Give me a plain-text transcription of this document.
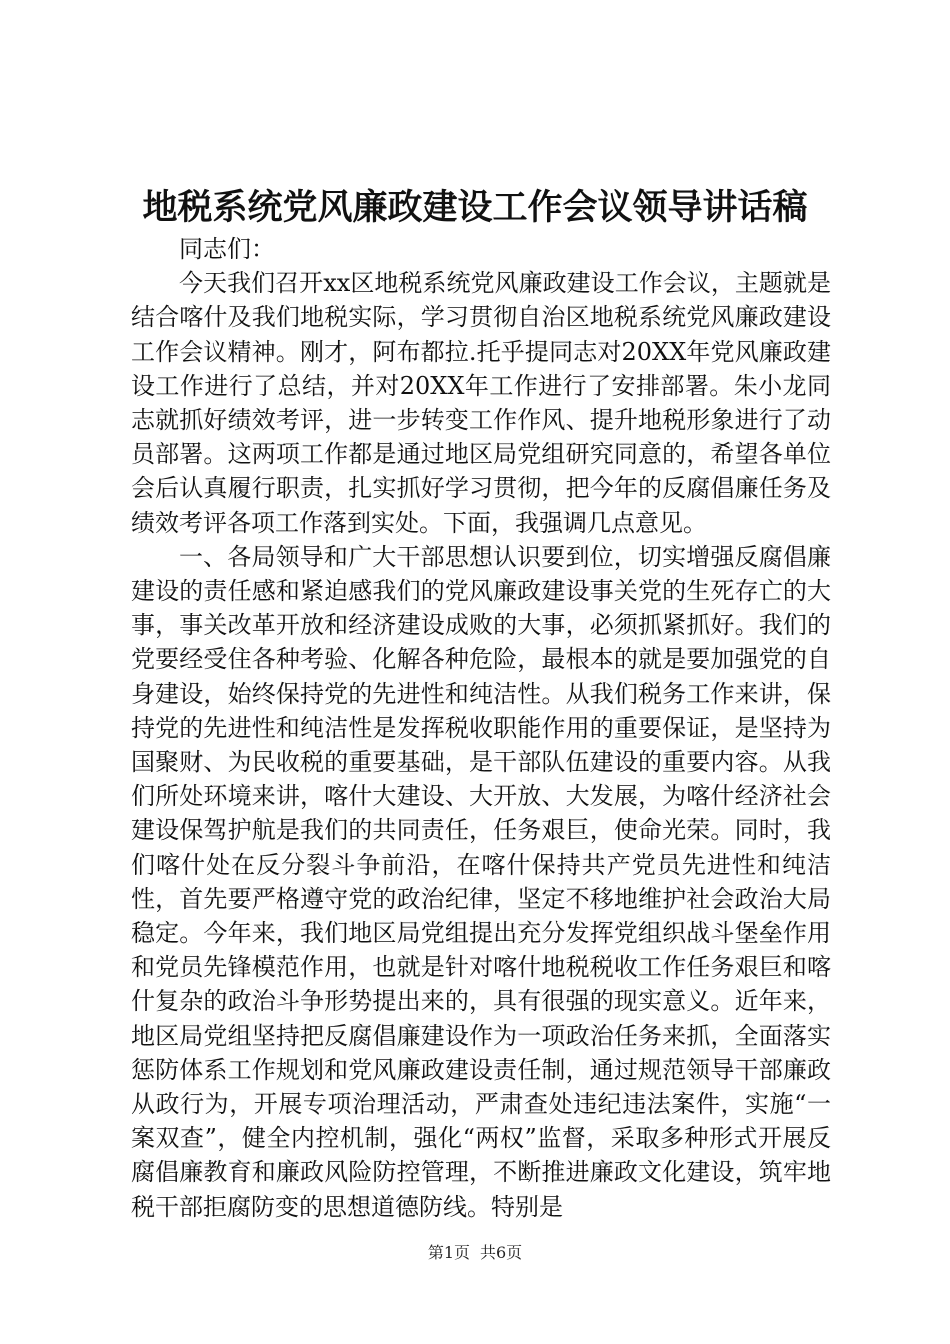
地税系统党风廉政建设工作会议领导讲话稿

同志们：

今天我们召开xx区地税系统党风廉政建设工作会议，主题就是结合喀什及我们地税实际，学习贯彻自治区地税系统党风廉政建设工作会议精神。刚才，阿布都拉.托乎提同志对20XX年党风廉政建设工作进行了总结，并对20XX年工作进行了安排部署。朱小龙同志就抓好绩效考评，进一步转变工作作风、提升地税形象进行了动员部署。这两项工作都是通过地区局党组研究同意的，希望各单位会后认真履行职责，扎实抓好学习贯彻，把今年的反腐倡廉任务及绩效考评各项工作落到实处。下面，我强调几点意见。

一、各局领导和广大干部思想认识要到位，切实增强反腐倡廉建设的责任感和紧迫感我们的党风廉政建设事关党的生死存亡的大事，事关改革开放和经济建设成败的大事，必须抓紧抓好。我们的党要经受住各种考验、化解各种危险，最根本的就是要加强党的自身建设，始终保持党的先进性和纯洁性。从我们税务工作来讲，保持党的先进性和纯洁性是发挥税收职能作用的重要保证，是坚持为国聚财、为民收税的重要基础，是干部队伍建设的重要内容。从我们所处环境来讲，喀什大建设、大开放、大发展，为喀什经济社会建设保驾护航是我们的共同责任，任务艰巨，使命光荣。同时，我们喀什处在反分裂斗争前沿，在喀什保持共产党员先进性和纯洁性，首先要严格遵守党的政治纪律，坚定不移地维护社会政治大局稳定。今年来，我们地区局党组提出充分发挥党组织战斗堡垒作用和党员先锋模范作用，也就是针对喀什地税税收工作任务艰巨和喀什复杂的政治斗争形势提出来的，具有很强的现实意义。近年来，地区局党组坚持把反腐倡廉建设作为一项政治任务来抓，全面落实惩防体系工作规划和党风廉政建设责任制，通过规范领导干部廉政从政行为，开展专项治理活动，严肃查处违纪违法案件，实施“一案双查”，健全内控机制，强化“两权”监督，采取多种形式开展反腐倡廉教育和廉政风险防控管理，不断推进廉政文化建设，筑牢地税干部拒腐防变的思想道德防线。特别是

第1页 共6页
